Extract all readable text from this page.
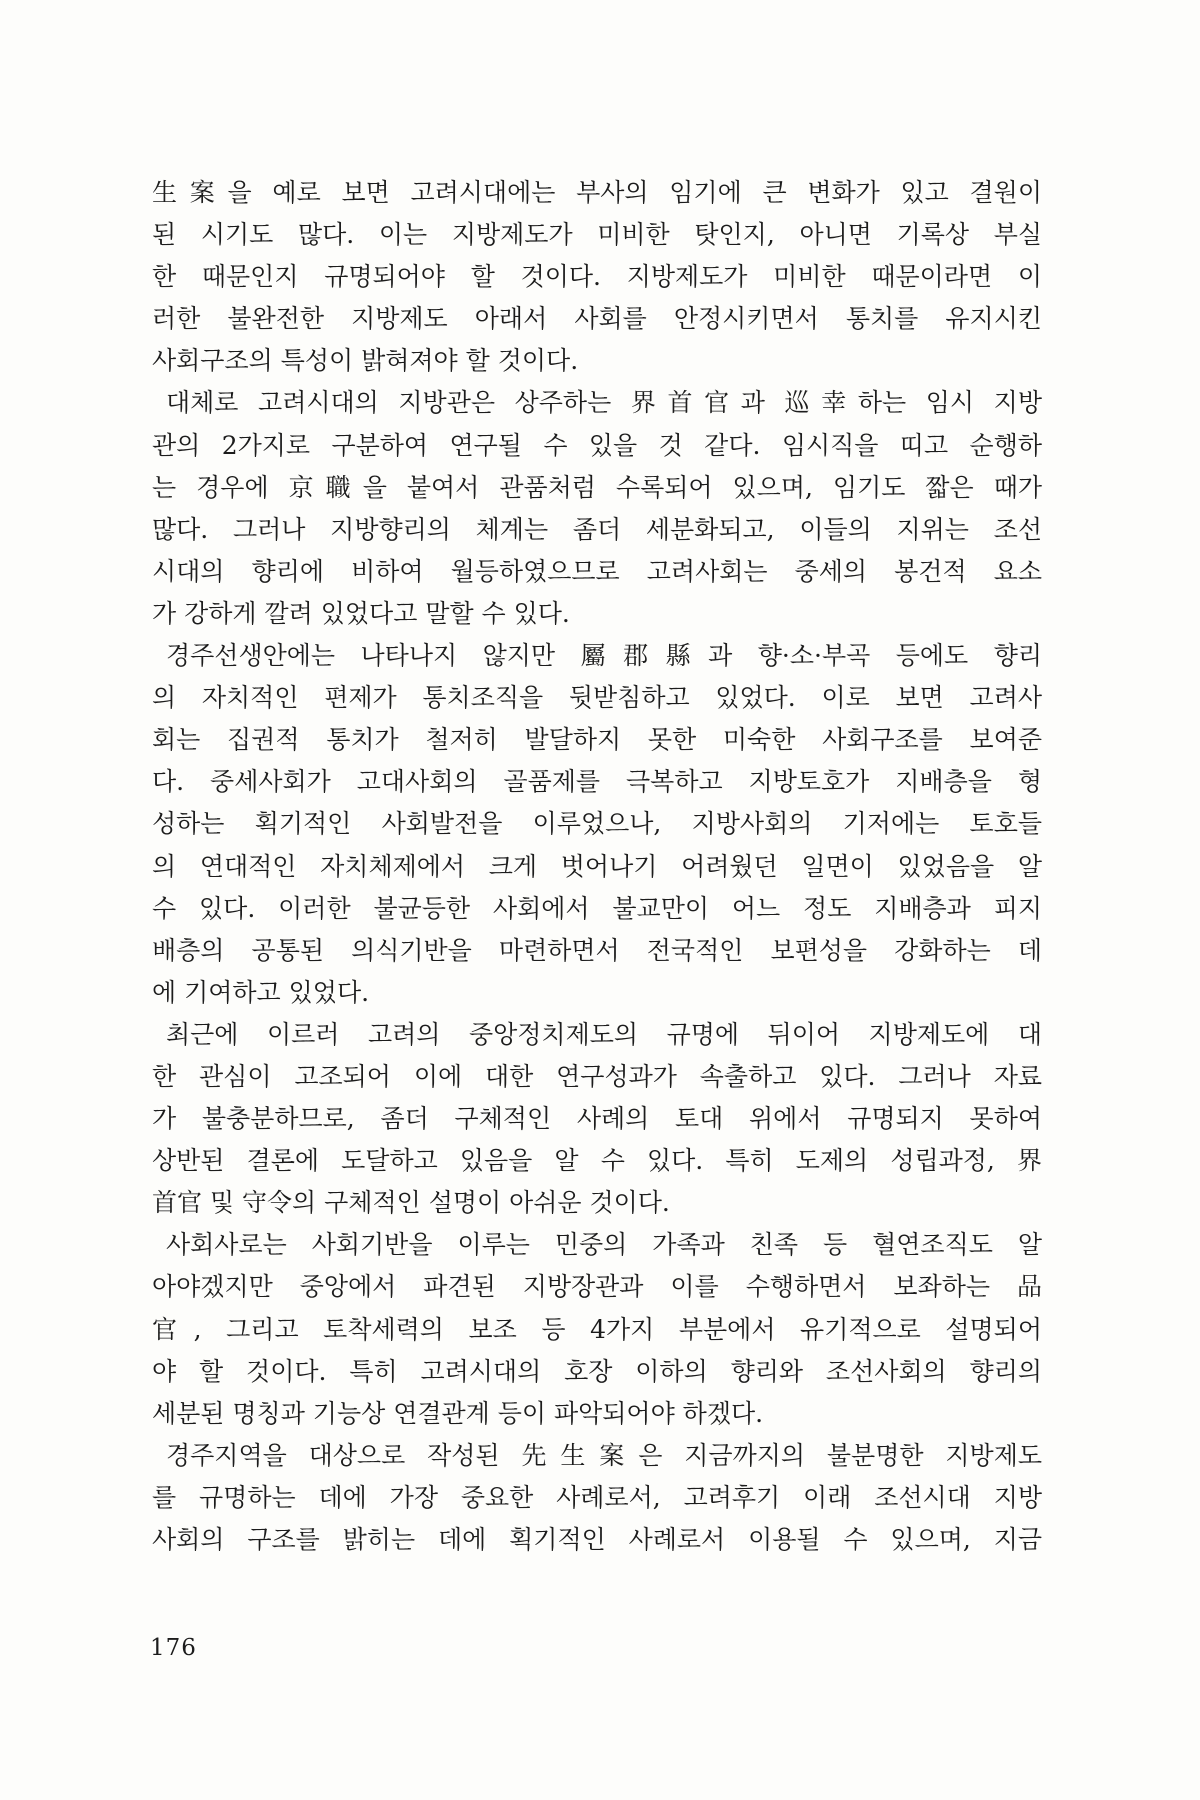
生案을 예로 보면 고려시대에는 부사의 임기에 큰 변화가 있고 결원이
된 시기도 많다. 이는 지방제도가 미비한 탓인지, 아니면 기록상 부실
한 때문인지 규명되어야 할 것이다. 지방제도가 미비한 때문이라면 이
러한 불완전한 지방제도 아래서 사회를 안정시키면서 통치를 유지시킨
사회구조의 특성이 밝혀져야 할 것이다.
대체로 고려시대의 지방관은 상주하는 界首官과 巡幸하는 임시 지방
관의 2가지로 구분하여 연구될 수 있을 것 같다. 임시직을 띠고 순행하
는 경우에 京職을 붙여서 관품처럼 수록되어 있으며, 임기도 짧은 때가
많다. 그러나 지방향리의 체계는 좀더 세분화되고, 이들의 지위는 조선
시대의 향리에 비하여 월등하였으므로 고려사회는 중세의 봉건적 요소
가 강하게 깔려 있었다고 말할 수 있다.
경주선생안에는 나타나지 않지만 屬郡縣과 향·소·부곡 등에도 향리
의 자치적인 편제가 통치조직을 뒷받침하고 있었다. 이로 보면 고려사
회는 집권적 통치가 철저히 발달하지 못한 미숙한 사회구조를 보여준
다. 중세사회가 고대사회의 골품제를 극복하고 지방토호가 지배층을 형
성하는 획기적인 사회발전을 이루었으나, 지방사회의 기저에는 토호들
의 연대적인 자치체제에서 크게 벗어나기 어려웠던 일면이 있었음을 알
수 있다. 이러한 불균등한 사회에서 불교만이 어느 정도 지배층과 피지
배층의 공통된 의식기반을 마련하면서 전국적인 보편성을 강화하는 데
에 기여하고 있었다.
최근에 이르러 고려의 중앙정치제도의 규명에 뒤이어 지방제도에 대
한 관심이 고조되어 이에 대한 연구성과가 속출하고 있다. 그러나 자료
가 불충분하므로, 좀더 구체적인 사례의 토대 위에서 규명되지 못하여
상반된 결론에 도달하고 있음을 알 수 있다. 특히 도제의 성립과정, 界
首官 및 守令의 구체적인 설명이 아쉬운 것이다.
사회사로는 사회기반을 이루는 민중의 가족과 친족 등 혈연조직도 알
아야겠지만 중앙에서 파견된 지방장관과 이를 수행하면서 보좌하는 品
官, 그리고 토착세력의 보조 등 4가지 부분에서 유기적으로 설명되어
야 할 것이다. 특히 고려시대의 호장 이하의 향리와 조선사회의 향리의
세분된 명칭과 기능상 연결관계 등이 파악되어야 하겠다.
경주지역을 대상으로 작성된 先生案은 지금까지의 불분명한 지방제도
를 규명하는 데에 가장 중요한 사례로서, 고려후기 이래 조선시대 지방
사회의 구조를 밝히는 데에 획기적인 사례로서 이용될 수 있으며, 지금
176
